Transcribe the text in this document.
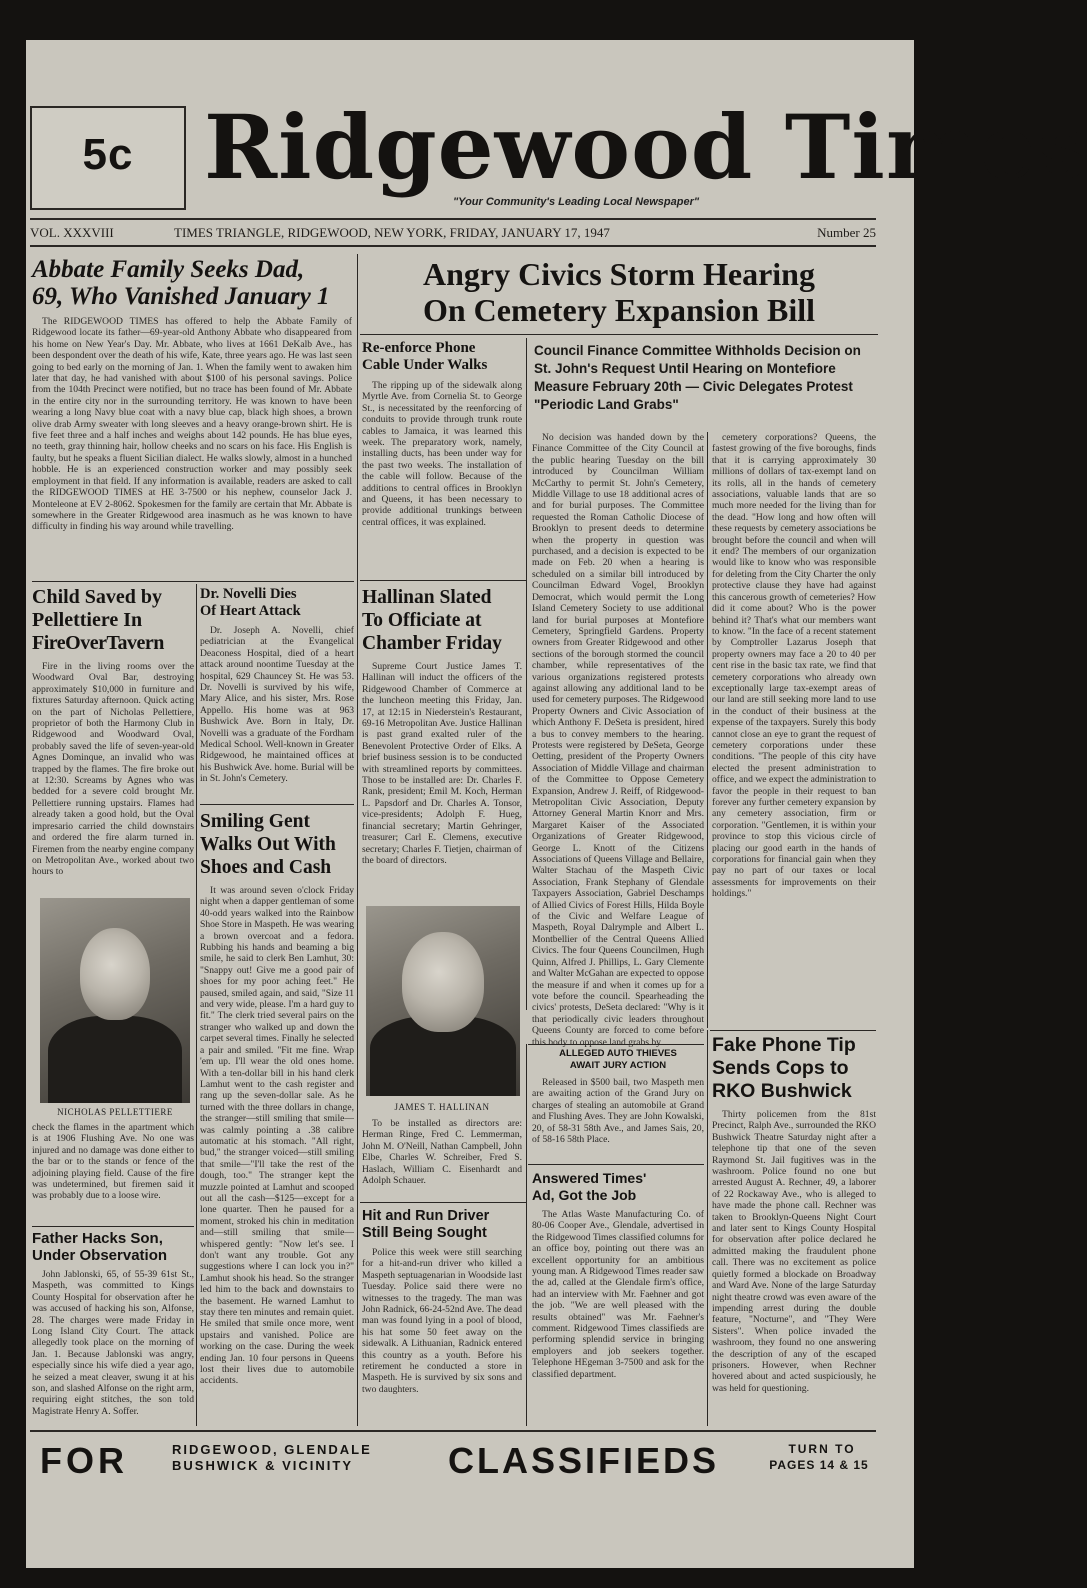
5c Ridgewood Times
"Your Community's Leading Local Newspaper"
VOL. XXXVIII	TIMES TRIANGLE, RIDGEWOOD, NEW YORK, FRIDAY, JANUARY 17, 1947	Number 25
Abbate Family Seeks Dad,
69, Who Vanished January 1
The RIDGEWOOD TIMES has offered to help the Abbate Family of Ridgewood locate its father—69-year-old Anthony Abbate who disappeared from his home on New Year's Day. Mr. Abbate, who lives at 1661 DeKalb Ave., has been despondent over the death of his wife, Kate, three years ago. He was last seen going to bed early on the morning of Jan. 1. When the family went to awaken him later that day, he had vanished with about $100 of his personal savings. Police from the 104th Precinct were notified, but no trace has been found of Mr. Abbate in the entire city nor in the surrounding territory. He was known to have been wearing a long Navy blue coat with a navy blue cap, black high shoes, a brown olive drab Army sweater with long sleeves and a heavy orange-brown shirt. He is five feet three and a half inches and weighs about 142 pounds. He has blue eyes, no teeth, gray thinning hair, hollow cheeks and no scars on his face. His English is faulty, but he speaks a fluent Sicilian dialect. He walks slowly, almost in a hunched hobble. He is an experienced construction worker and may possibly seek employment in that field. If any information is available, readers are asked to call the RIDGEWOOD TIMES at HE 3-7500 or his nephew, counselor Jack J. Monteleone at EV 2-8062. Spokesmen for the family are certain that Mr. Abbate is somewhere in the Greater Ridgewood area inasmuch as he was known to have difficulty in finding his way around while travelling.
Angry Civics Storm Hearing
On Cemetery Expansion Bill
Re-enforce Phone
Cable Under Walks
The ripping up of the sidewalk along Myrtle Ave. from Cornelia St. to George St., is necessitated by the reenforcing of conduits to provide through trunk route cables to Jamaica, it was learned this week. The preparatory work, namely, installing ducts, has been under way for the past two weeks. The installation of the cable will follow. Because of the additions to central offices in Brooklyn and Queens, it has been necessary to provide additional trunkings between central offices, it was explained.
Council Finance Committee Withholds Decision on St. John's Request Until Hearing on Montefiore Measure February 20th — Civic Delegates Protest "Periodic Land Grabs"
No decision was handed down by the Finance Committee of the City Council at the public hearing Tuesday on the bill introduced by Councilman William McCarthy to permit St. John's Cemetery, Middle Village to use 18 additional acres of and for burial purposes. The Committee requested the Roman Catholic Diocese of Brooklyn to present deeds to determine when the property in question was purchased, and a decision is expected to be made on Feb. 20 when a hearing is scheduled on a similar bill introduced by Councilman Edward Vogel, Brooklyn Democrat, which would permit the Long Island Cemetery Society to use additional land for burial purposes at Montefiore Cemetery, Springfield Gardens. Property owners from Greater Ridgewood and other sections of the borough stormed the council chamber, while representatives of the various organizations registered protests against allowing any additional land to be used for cemetery purposes. The Ridgewood Property Owners and Civic Association of which Anthony F. DeSeta is president, hired a bus to convey members to the hearing. Protests were registered by DeSeta, George Oetting, president of the Property Owners Association of Middle Village and chairman of the Committee to Oppose Cemetery Expansion, Andrew J. Reiff, of Ridgewood-Metropolitan Civic Association, Deputy Attorney General Martin Knorr and Mrs. Margaret Kaiser of the Associated Organizations of Greater Ridgewood, George L. Knott of the Citizens Associations of Queens Village and Bellaire, Walter Stachau of the Maspeth Civic Association, Frank Stephany of Glendale Taxpayers Association, Gabriel Deschamps of Allied Civics of Forest Hills, Hilda Boyle of the Civic and Welfare League of Maspeth, Royal Dalrymple and Albert L. Montbellier of the Central Queens Allied Civics. The four Queens Councilmen, Hugh Quinn, Alfred J. Phillips, L. Gary Clemente and Walter McGahan are expected to oppose the measure if and when it comes up for a vote before the council. Spearheading the civics' protests, DeSeta declared: "Why is it that periodically civic leaders throughout Queens County are forced to come before this body to oppose land grabs by
cemetery corporations? Queens, the fastest growing of the five boroughs, finds that it is carrying approximately 30 millions of dollars of tax-exempt land on its rolls, all in the hands of cemetery associations, valuable lands that are so much more needed for the living than for the dead. "How long and how often will these requests by cemetery associations be brought before the council and when will it end? The members of our organization would like to know who was responsible for deleting from the City Charter the only protective clause they have had against this cancerous growth of cemeteries? How did it come about? Who is the power behind it? That's what our members want to know. "In the face of a recent statement by Comptroller Lazarus Joseph that property owners may face a 20 to 40 per cent rise in the basic tax rate, we find that cemetery corporations who already own exceptionally large tax-exempt areas of our land are still seeking more land to use in the conduct of their business at the expense of the taxpayers. Surely this body cannot close an eye to grant the request of cemetery corporations under these conditions. "The people of this city have elected the present administration to office, and we expect the administration to favor the people in their request to ban forever any further cemetery expansion by any cemetery association, firm or corporation. "Gentlemen, it is within your province to stop this vicious circle of placing our good earth in the hands of corporations for financial gain when they pay no part of our taxes or local assessments for improvements on their holdings."
Child Saved by
Pellettiere In
FireOverTavern
Fire in the living rooms over the Woodward Oval Bar, destroying approximately $10,000 in furniture and fixtures Saturday afternoon. Quick acting on the part of Nicholas Pellettiere, proprietor of both the Harmony Club in Ridgewood and Woodward Oval, probably saved the life of seven-year-old Agnes Dominque, an invalid who was trapped by the flames. The fire broke out at 12:30. Screams by Agnes who was bedded for a severe cold brought Mr. Pellettiere running upstairs. Flames had already taken a good hold, but the Oval impresario carried the child downstairs and ordered the fire alarm turned in. Firemen from the nearby engine company on Metropolitan Ave., worked about two hours to
NICHOLAS PELLETTIERE
check the flames in the apartment which is at 1906 Flushing Ave. No one was injured and no damage was done either to the bar or to the stands or fence of the adjoining playing field. Cause of the fire was undetermined, but firemen said it was probably due to a loose wire.
Father Hacks Son,
Under Observation
John Jablonski, 65, of 55-39 61st St., Maspeth, was committed to Kings County Hospital for observation after he was accused of hacking his son, Alfonse, 28. The charges were made Friday in Long Island City Court. The attack allegedly took place on the morning of Jan. 1. Because Jablonski was angry, especially since his wife died a year ago, he seized a meat cleaver, swung it at his son, and slashed Alfonse on the right arm, requiring eight stitches, the son told Magistrate Henry A. Soffer.
Dr. Novelli Dies
Of Heart Attack
Dr. Joseph A. Novelli, chief pediatrician at the Evangelical Deaconess Hospital, died of a heart attack around noontime Tuesday at the hospital, 629 Chauncey St. He was 53. Dr. Novelli is survived by his wife, Mary Alice, and his sister, Mrs. Rose Appello. His home was at 963 Bushwick Ave. Born in Italy, Dr. Novelli was a graduate of the Fordham Medical School. Well-known in Greater Ridgewood, he maintained offices at his Bushwick Ave. home. Burial will be in St. John's Cemetery.
Smiling Gent
Walks Out With
Shoes and Cash
It was around seven o'clock Friday night when a dapper gentleman of some 40-odd years walked into the Rainbow Shoe Store in Maspeth. He was wearing a brown overcoat and a fedora. Rubbing his hands and beaming a big smile, he said to clerk Ben Lamhut, 30: "Snappy out! Give me a good pair of shoes for my poor aching feet." He paused, smiled again, and said, "Size 11 and very wide, please. I'm a hard guy to fit." The clerk tried several pairs on the stranger who walked up and down the carpet several times. Finally he selected a pair and smiled. "Fit me fine. Wrap 'em up. I'll wear the old ones home. With a ten-dollar bill in his hand clerk Lamhut went to the cash register and rang up the seven-dollar sale. As he turned with the three dollars in change, the stranger—still smiling that smile—was calmly pointing a .38 calibre automatic at his stomach. "All right, bud," the stranger voiced—still smiling that smile—"I'll take the rest of the dough, too." The stranger kept the muzzle pointed at Lamhut and scooped out all the cash—$125—except for a lone quarter. Then he paused for a moment, stroked his chin in meditation and—still smiling that smile—whispered gently: "Now let's see. I don't want any trouble. Got any suggestions where I can lock you in?" Lamhut shook his head. So the stranger led him to the back and downstairs to the basement. He warned Lamhut to stay there ten minutes and remain quiet. He smiled that smile once more, went upstairs and vanished. Police are working on the case. During the week ending Jan. 10 four persons in Queens lost their lives due to automobile accidents.
Hallinan Slated
To Officiate at
Chamber Friday
Supreme Court Justice James T. Hallinan will induct the officers of the Ridgewood Chamber of Commerce at the luncheon meeting this Friday, Jan. 17, at 12:15 in Niederstein's Restaurant, 69-16 Metropolitan Ave. Justice Hallinan is past grand exalted ruler of the Benevolent Protective Order of Elks. A brief business session is to be conducted with streamlined reports by committees. Those to be installed are: Dr. Charles F. Rank, president; Emil M. Koch, Herman L. Papsdorf and Dr. Charles A. Tonsor, vice-presidents; Adolph F. Hueg, financial secretary; Martin Gehringer, treasurer; Carl E. Clemens, executive secretary; Charles F. Tietjen, chairman of the board of directors.
JAMES T. HALLINAN
To be installed as directors are: Herman Ringe, Fred C. Lemmerman, John M. O'Neill, Nathan Campbell, John Elbe, Charles W. Schreiber, Fred S. Haslach, William C. Eisenhardt and Adolph Schauer.
Hit and Run Driver
Still Being Sought
Police this week were still searching for a hit-and-run driver who killed a Maspeth septuagenarian in Woodside last Tuesday. Police said there were no witnesses to the tragedy. The man was John Radnick, 66-24-52nd Ave. The dead man was found lying in a pool of blood, his hat some 50 feet away on the sidewalk. A Lithuanian, Radnick entered this country as a youth. Before his retirement he conducted a store in Maspeth. He is survived by six sons and two daughters.
ALLEGED AUTO THIEVES
AWAIT JURY ACTION
Released in $500 bail, two Maspeth men are awaiting action of the Grand Jury on charges of stealing an automobile at Grand and Flushing Aves. They are John Kowalski, 20, of 58-31 58th Ave., and James Sais, 20, of 58-16 58th Place.
Answered Times'
Ad, Got the Job
The Atlas Waste Manufacturing Co. of 80-06 Cooper Ave., Glendale, advertised in the Ridgewood Times classified columns for an office boy, pointing out there was an excellent opportunity for an ambitious young man. A Ridgewood Times reader saw the ad, called at the Glendale firm's office, had an interview with Mr. Faehner and got the job. "We are well pleased with the results obtained" was Mr. Faehner's comment. Ridgewood Times classifieds are performing splendid service in bringing employers and job seekers together. Telephone HEgeman 3-7500 and ask for the classified department.
Fake Phone Tip
Sends Cops to
RKO Bushwick
Thirty policemen from the 81st Precinct, Ralph Ave., surrounded the RKO Bushwick Theatre Saturday night after a telephone tip that one of the seven Raymond St. Jail fugitives was in the washroom. Police found no one but arrested August A. Rechner, 49, a laborer of 22 Rockaway Ave., who is alleged to have made the phone call. Rechner was taken to Brooklyn-Queens Night Court and later sent to Kings County Hospital for observation after police declared he admitted making the fraudulent phone call. There was no excitement as police quietly formed a blockade on Broadway and Ward Ave. None of the large Saturday night theatre crowd was even aware of the impending arrest during the double feature, "Nocturne", and "They Were Sisters". When police invaded the washroom, they found no one answering the description of any of the escaped prisoners. However, when Rechner hovered about and acted suspiciously, he was held for questioning.
FOR	RIDGEWOOD, GLENDALE
BUSHWICK & VICINITY	CLASSIFIEDS	TURN TO
PAGES 14 & 15
